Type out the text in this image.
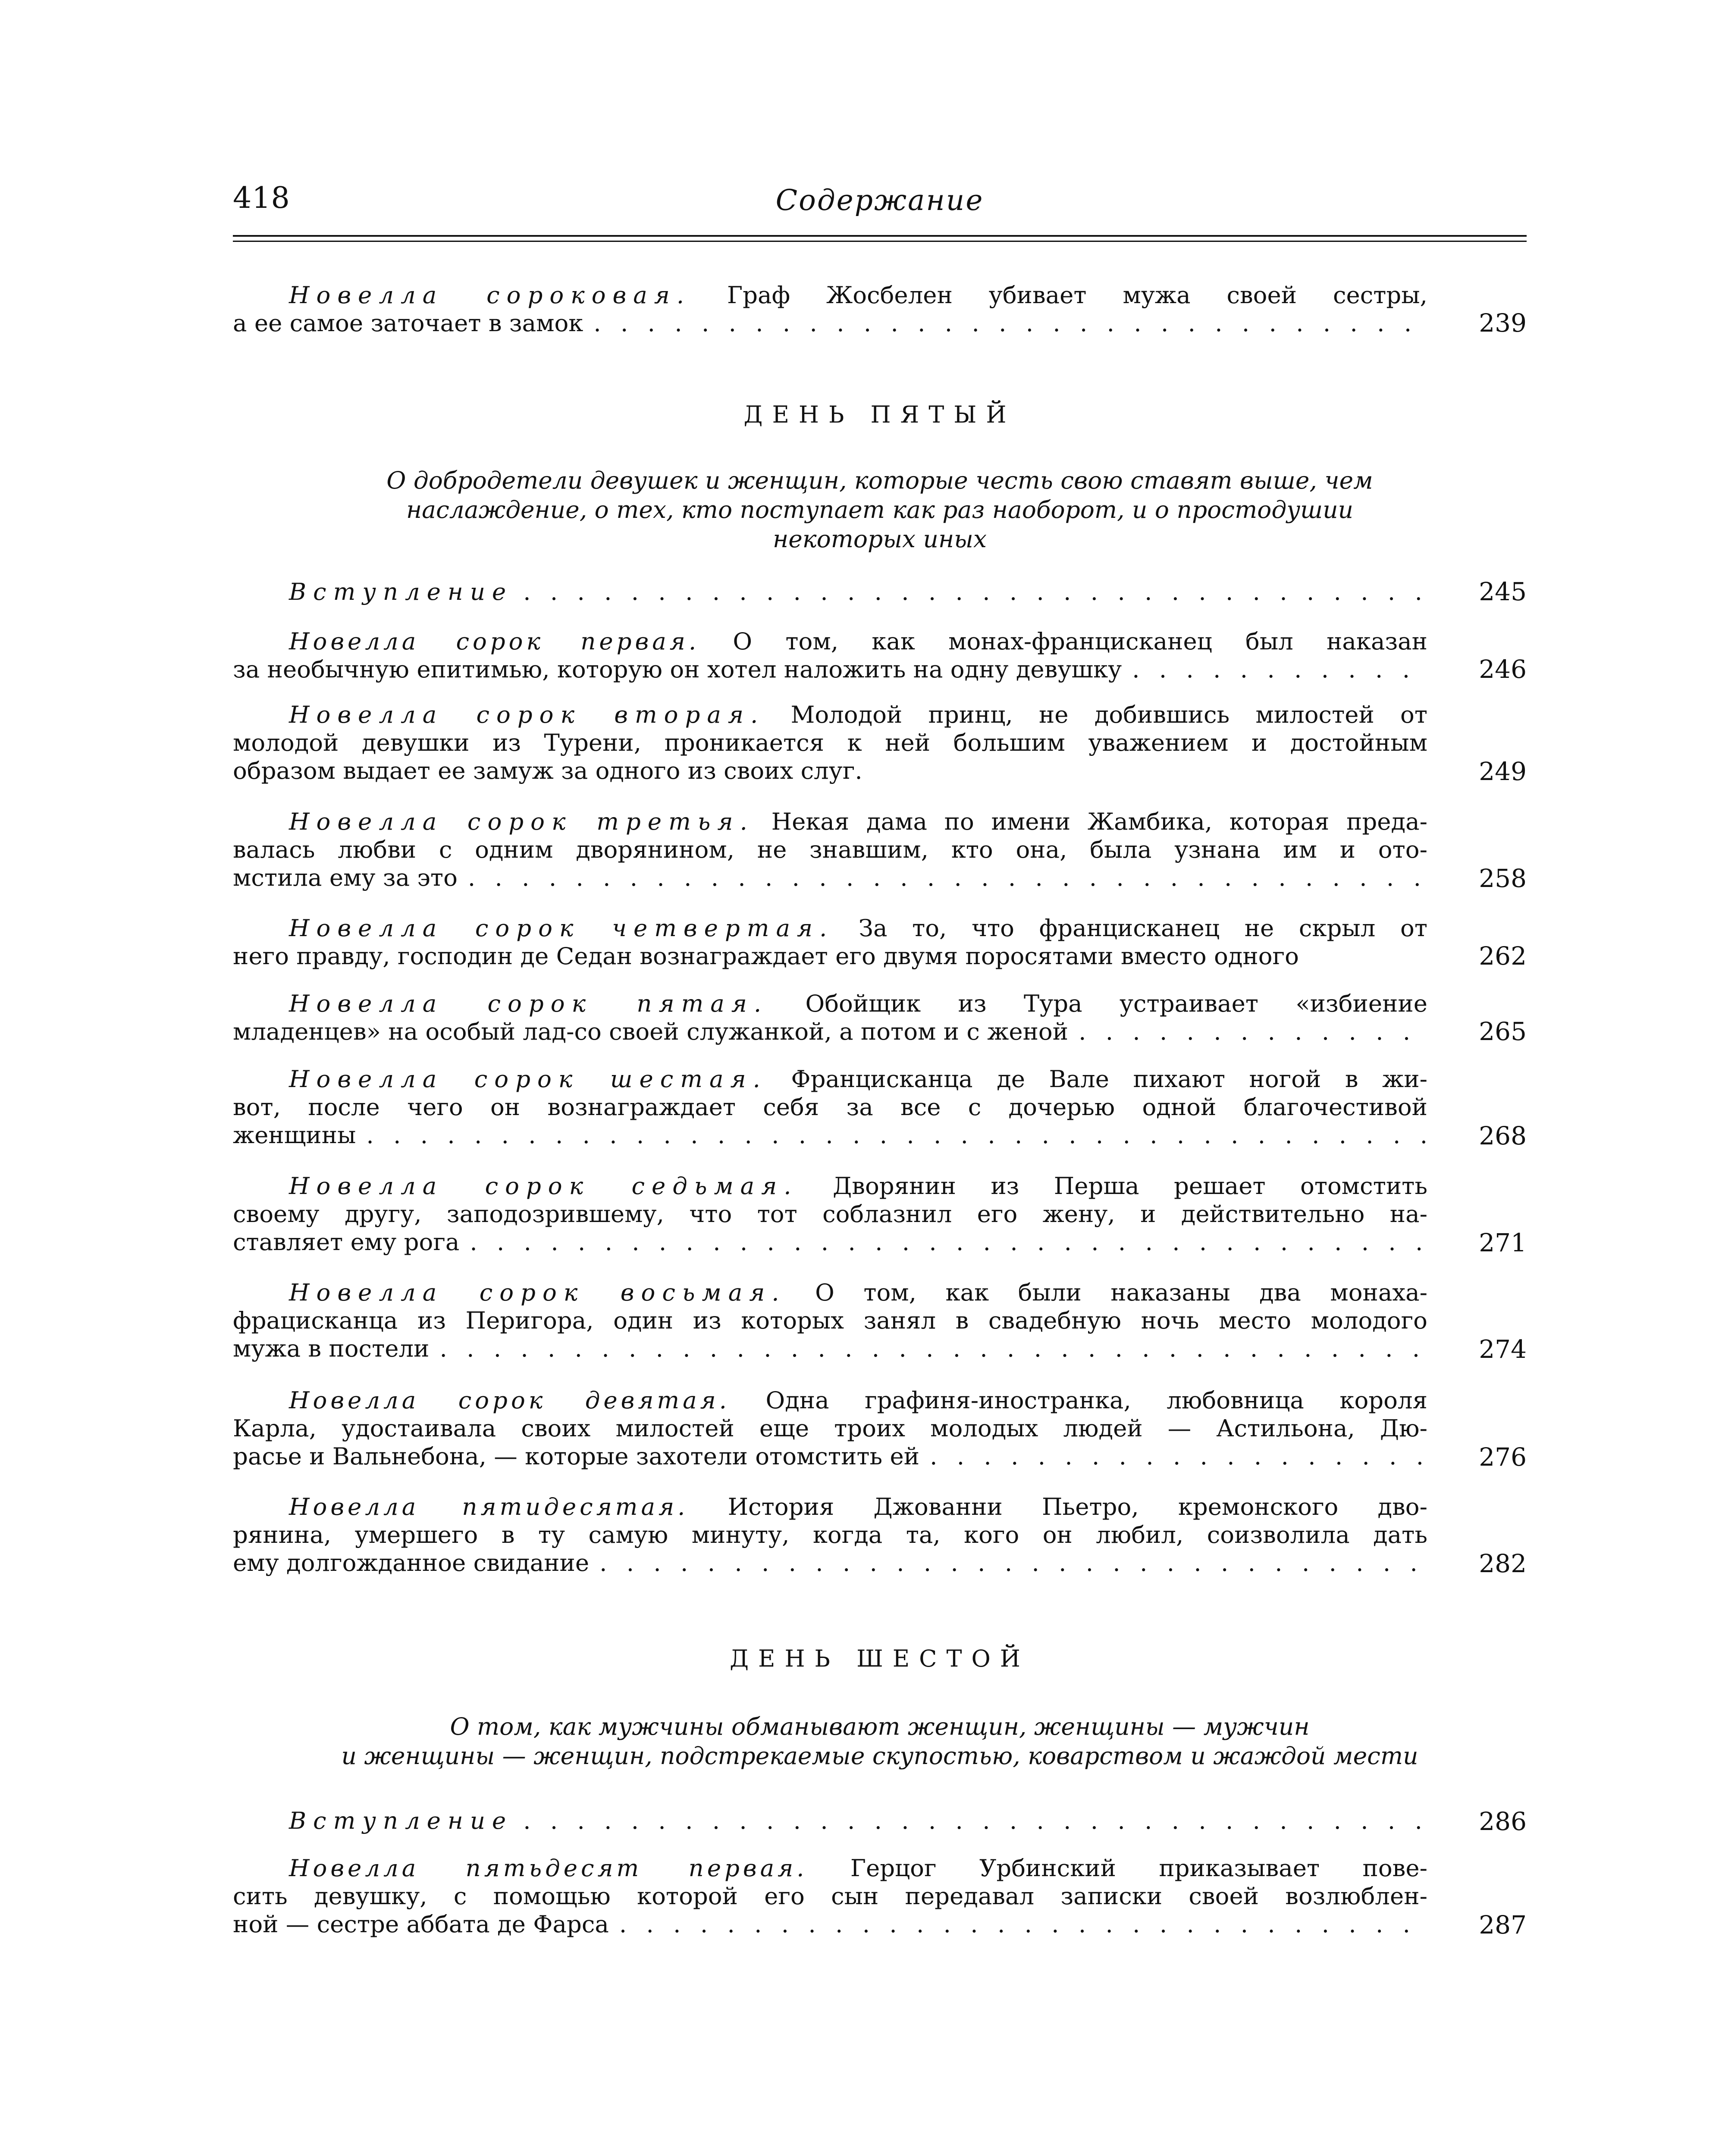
418	Содержание
Новелла сороковая. Граф Жосбелен убивает мужа своей сестры,
а ее самое заточает в замок . . .	239
ДЕНЬ ПЯТЫЙ
О добродетели девушек и женщин, которые честь свою ставят выше, чем
наслаждение, о тех, кто поступает как раз наоборот, и о простодушии
некоторых иных
Вступление . . .	245
Новелла сорок первая. О том, как монах-францисканец был наказан
за необычную епитимью, которую он хотел наложить на одну девушку . . .	246
Новелла сорок вторая. Молодой принц, не добившись милостей от
молодой девушки из Турени, проникается к ней большим уважением и достойным
образом выдает ее замуж за одного из своих слуг.	249
Новелла сорок третья. Некая дама по имени Жамбика, которая преда-
валась любви с одним дворянином, не знавшим, кто она, была узнана им и ото-
мстила ему за это . . .	258
Новелла сорок четвертая. За то, что францисканец не скрыл от
него правду, господин де Седан вознаграждает его двумя поросятами вместо одного	262
Новелла сорок пятая. Обойщик из Тура устраивает «избиение
младенцев» на особый лад-со своей служанкой, а потом и с женой . . .	265
Новелла сорок шестая. Францисканца де Вале пихают ногой в жи-
вот, после чего он вознаграждает себя за все с дочерью одной благочестивой
женщины . . .	268
Новелла сорок седьмая. Дворянин из Перша решает отомстить
своему другу, заподозрившему, что тот соблазнил его жену, и действительно на-
ставляет ему рога . . .	271
Новелла сорок восьмая. О том, как были наказаны два монаха-
фрацисканца из Перигора, один из которых занял в свадебную ночь место молодого
мужа в постели . . .	274
Новелла сорок девятая. Одна графиня-иностранка, любовница короля
Карла, удостаивала своих милостей еще троих молодых людей — Астильона, Дю-
расье и Вальнебона, — которые захотели отомстить ей . . .	276
Новелла пятидесятая. История Джованни Пьетро, кремонского дво-
рянина, умершего в ту самую минуту, когда та, кого он любил, соизволила дать
ему долгожданное свидание . . .	282
ДЕНЬ ШЕСТОЙ
О том, как мужчины обманывают женщин, женщины — мужчин
и женщины — женщин, подстрекаемые скупостью, коварством и жаждой мести
Вступление . . .	286
Новелла пятьдесят первая. Герцог Урбинский приказывает пове-
сить девушку, с помощью которой его сын передавал записки своей возлюблен-
ной — сестре аббата де Фарса . . .	287
